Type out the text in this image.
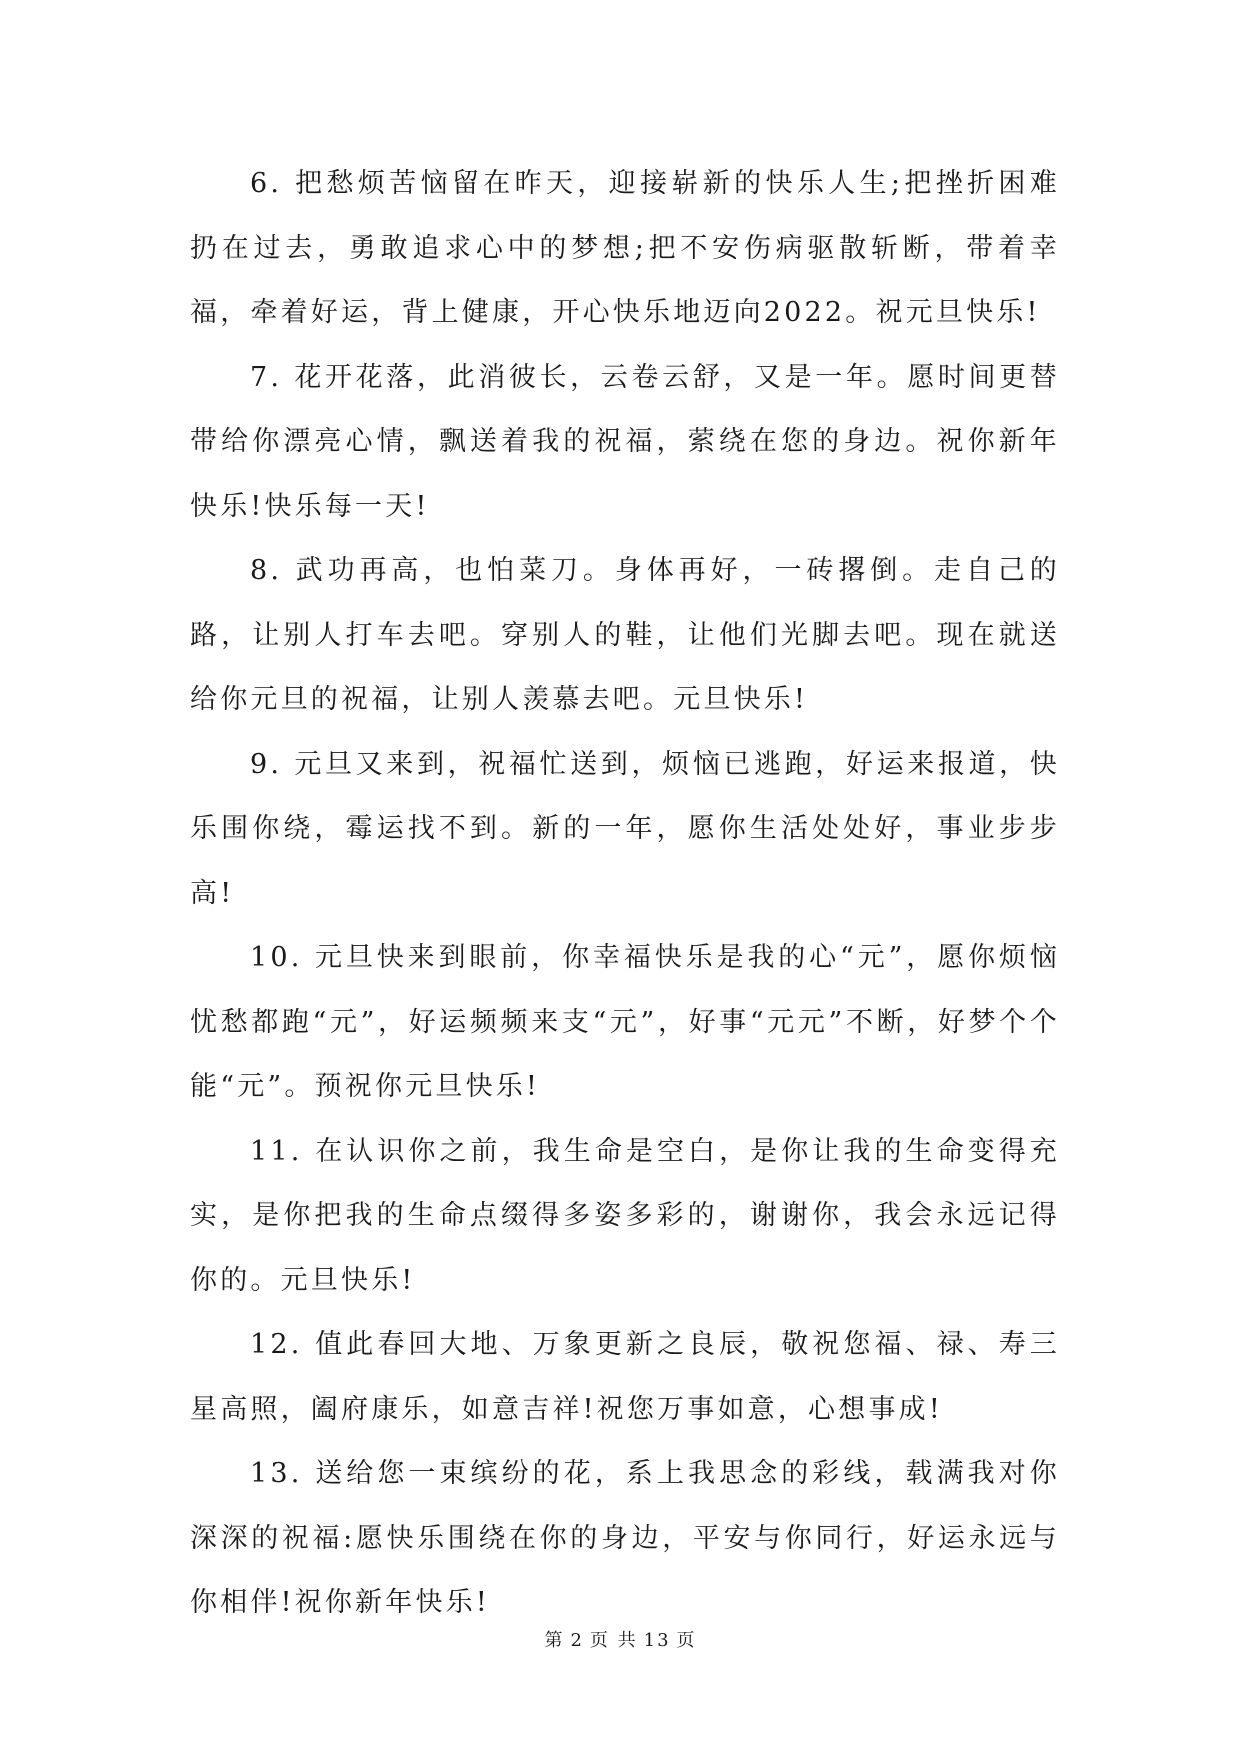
6. 把愁烦苦恼留在昨天，迎接崭新的快乐人生;把挫折困难扔在过去，勇敢追求心中的梦想;把不安伤病驱散斩断，带着幸福，牵着好运，背上健康，开心快乐地迈向2022。祝元旦快乐!

7. 花开花落，此消彼长，云卷云舒，又是一年。愿时间更替带给你漂亮心情，飘送着我的祝福，萦绕在您的身边。祝你新年快乐!快乐每一天!

8. 武功再高，也怕菜刀。身体再好，一砖撂倒。走自己的路，让别人打车去吧。穿别人的鞋，让他们光脚去吧。现在就送给你元旦的祝福，让别人羡慕去吧。元旦快乐!

9. 元旦又来到，祝福忙送到，烦恼已逃跑，好运来报道，快乐围你绕，霉运找不到。新的一年，愿你生活处处好，事业步步高!

10. 元旦快来到眼前，你幸福快乐是我的心“元”，愿你烦恼忧愁都跑“元”，好运频频来支“元”，好事“元元”不断，好梦个个能“元”。预祝你元旦快乐!

11. 在认识你之前，我生命是空白，是你让我的生命变得充实，是你把我的生命点缀得多姿多彩的，谢谢你，我会永远记得你的。元旦快乐!

12. 值此春回大地、万象更新之良辰，敬祝您福、禄、寿三星高照，阖府康乐，如意吉祥!祝您万事如意，心想事成!

13. 送给您一束缤纷的花，系上我思念的彩线，载满我对你深深的祝福:愿快乐围绕在你的身边，平安与你同行，好运永远与你相伴!祝你新年快乐!

第 2 页 共 13 页
